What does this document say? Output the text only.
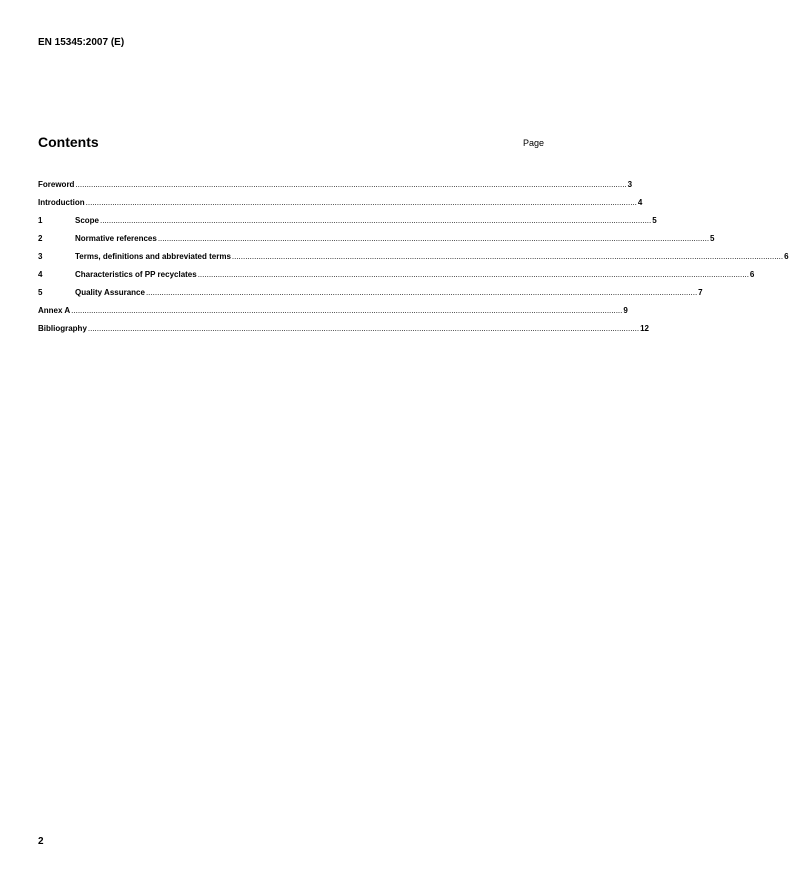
EN 15345:2007 (E)
Contents	Page
Foreword ........................................................................................................................................................................................................................................................ 3
Introduction ........................................................................................................................................................................................................................................................ 4
1	Scope ........................................................................................................................................................................................................................................................ 5
2	Normative references ........................................................................................................................................................................................................................................................ 5
3	Terms, definitions and abbreviated terms ........................................................................................................................................................................................................................................................ 6
4	Characteristics of PP recyclates ........................................................................................................................................................................................................................................................ 6
5	Quality Assurance ........................................................................................................................................................................................................................................................ 7
Annex A ........................................................................................................................................................................................................................................................ 9
Bibliography ........................................................................................................................................................................................................................................................ 12
2
